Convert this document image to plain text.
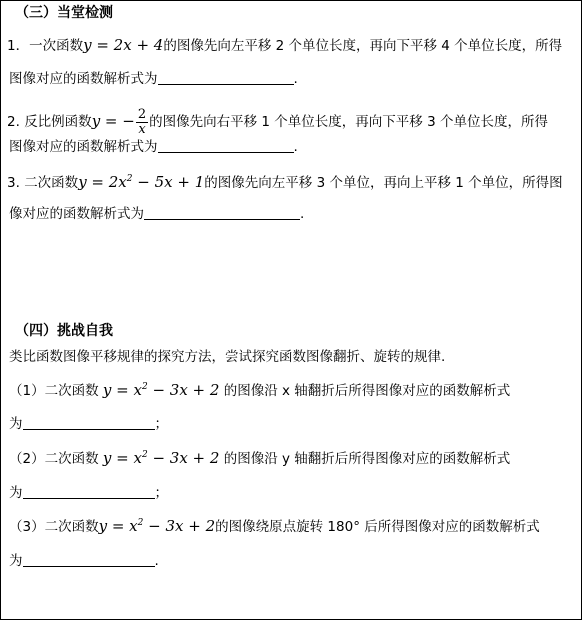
（三）当堂检测
1．一次函数y = 2x + 4的图像先向左平移 2 个单位长度，再向下平移 4 个单位长度，所得
图像对应的函数解析式为	.
2. 反比例函数y = − $\frac{2}{x}$ 的图像先向右平移 1 个单位长度，再向下平移 3 个单位长度，所得
图像对应的函数解析式为	.
3. 二次函数$y = 2x^2 - 5x + 1$的图像先向左平移 3 个单位，再向上平移 1 个单位，所得图
像对应的函数解析式为	.
（四）挑战自我
类比函数图像平移规律的探究方法，尝试探究函数图像翻折、旋转的规律.
（1）二次函数 $y = x^2 - 3x + 2$ 的图像沿 x 轴翻折后所得图像对应的函数解析式
为	；
（2）二次函数 $y = x^2 - 3x + 2$ 的图像沿 y 轴翻折后所得图像对应的函数解析式
为	；
（3）二次函数$y = x^2 - 3x + 2$的图像绕原点旋转 180° 后所得图像对应的函数解析式
为	.
